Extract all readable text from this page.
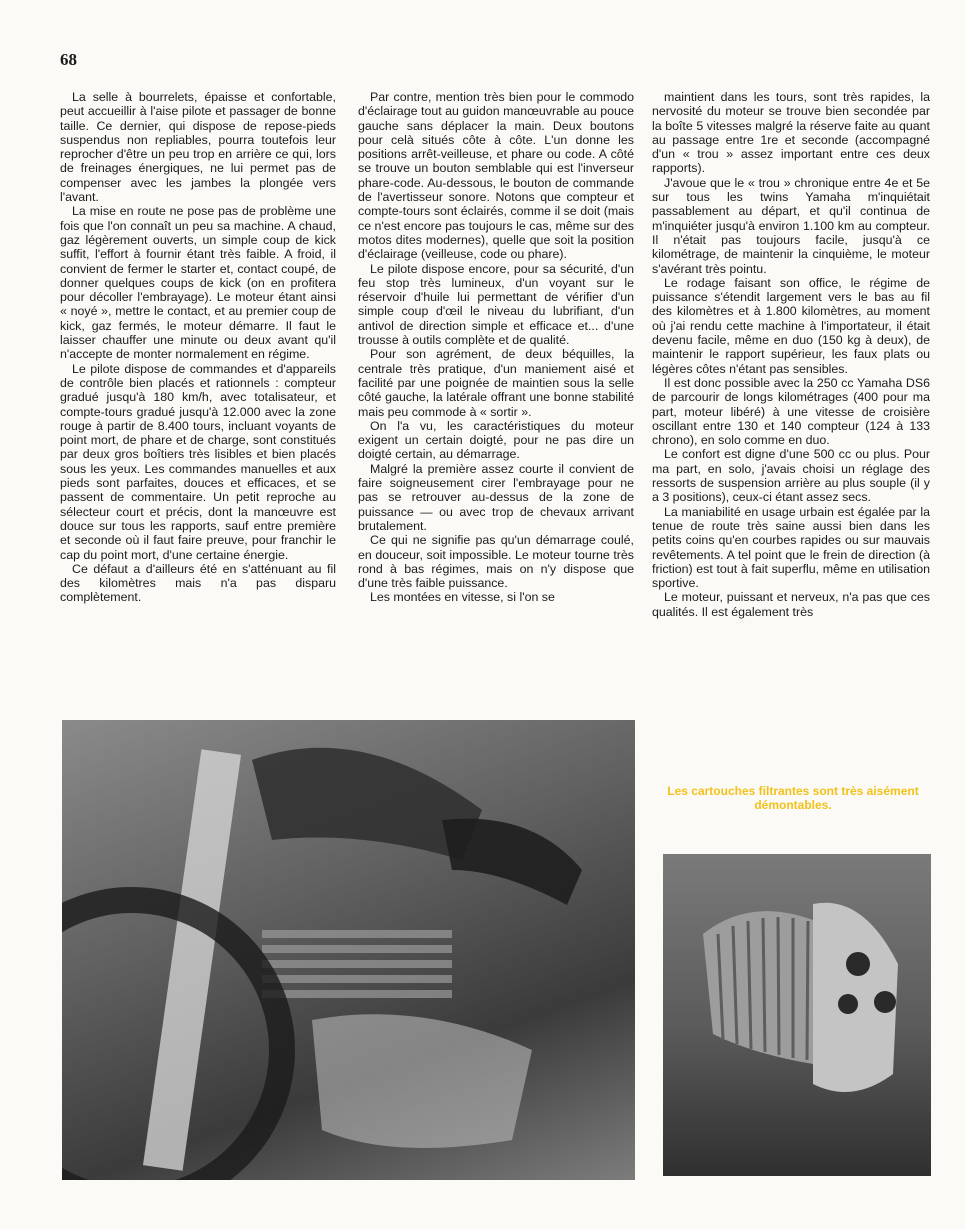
68

La selle à bourrelets, épaisse et confortable, peut accueillir à l'aise pilote et passager de bonne taille. Ce dernier, qui dispose de repose-pieds suspendus non repliables, pourra toutefois leur reprocher d'être un peu trop en arrière ce qui, lors de freinages énergiques, ne lui permet pas de compenser avec les jambes la plongée vers l'avant.

La mise en route ne pose pas de problème une fois que l'on connaît un peu sa machine. A chaud, gaz légèrement ouverts, un simple coup de kick suffit, l'effort à fournir étant très faible. A froid, il convient de fermer le starter et, contact coupé, de donner quelques coups de kick (on en profitera pour décoller l'embrayage). Le moteur étant ainsi « noyé », mettre le contact, et au premier coup de kick, gaz fermés, le moteur démarre. Il faut le laisser chauffer une minute ou deux avant qu'il n'accepte de monter normalement en régime.

Le pilote dispose de commandes et d'appareils de contrôle bien placés et rationnels : compteur gradué jusqu'à 180 km/h, avec totalisateur, et compte-tours gradué jusqu'à 12.000 avec la zone rouge à partir de 8.400 tours, incluant voyants de point mort, de phare et de charge, sont constitués par deux gros boîtiers très lisibles et bien placés sous les yeux. Les commandes manuelles et aux pieds sont parfaites, douces et efficaces, et se passent de commentaire. Un petit reproche au sélecteur court et précis, dont la manœuvre est douce sur tous les rapports, sauf entre première et seconde où il faut faire preuve, pour franchir le cap du point mort, d'une certaine énergie.

Ce défaut a d'ailleurs été en s'atténuant au fil des kilomètres mais n'a pas disparu complètement.

Par contre, mention très bien pour le commodo d'éclairage tout au guidon manœuvrable au pouce gauche sans déplacer la main. Deux boutons pour celà situés côte à côte. L'un donne les positions arrêt-veilleuse, et phare ou code. A côté se trouve un bouton semblable qui est l'inverseur phare-code. Au-dessous, le bouton de commande de l'avertisseur sonore. Notons que compteur et compte-tours sont éclairés, comme il se doit (mais ce n'est encore pas toujours le cas, même sur des motos dites modernes), quelle que soit la position d'éclairage (veilleuse, code ou phare).

Le pilote dispose encore, pour sa sécurité, d'un feu stop très lumineux, d'un voyant sur le réservoir d'huile lui permettant de vérifier d'un simple coup d'œil le niveau du lubrifiant, d'un antivol de direction simple et efficace et... d'une trousse à outils complète et de qualité.

Pour son agrément, de deux béquilles, la centrale très pratique, d'un maniement aisé et facilité par une poignée de maintien sous la selle côté gauche, la latérale offrant une bonne stabilité mais peu commode à « sortir ».

On l'a vu, les caractéristiques du moteur exigent un certain doigté, pour ne pas dire un doigté certain, au démarrage.

Malgré la première assez courte il convient de faire soigneusement cirer l'embrayage pour ne pas se retrouver au-dessus de la zone de puissance — ou avec trop de chevaux arrivant brutalement.

Ce qui ne signifie pas qu'un démarrage coulé, en douceur, soit impossible. Le moteur tourne très rond à bas régimes, mais on n'y dispose que d'une très faible puissance.

Les montées en vitesse, si l'on se

maintient dans les tours, sont très rapides, la nervosité du moteur se trouve bien secondée par la boîte 5 vitesses malgré la réserve faite au quant au passage entre 1re et seconde (accompagné d'un « trou » assez important entre ces deux rapports).

J'avoue que le « trou » chronique entre 4e et 5e sur tous les twins Yamaha m'inquiétait passablement au départ, et qu'il continua de m'inquiéter jusqu'à environ 1.100 km au compteur. Il n'était pas toujours facile, jusqu'à ce kilométrage, de maintenir la cinquième, le moteur s'avérant très pointu.

Le rodage faisant son office, le régime de puissance s'étendit largement vers le bas au fil des kilomètres et à 1.800 kilomètres, au moment où j'ai rendu cette machine à l'importateur, il était devenu facile, même en duo (150 kg à deux), de maintenir le rapport supérieur, les faux plats ou légères côtes n'étant pas sensibles.

Il est donc possible avec la 250 cc Yamaha DS6 de parcourir de longs kilométrages (400 pour ma part, moteur libéré) à une vitesse de croisière oscillant entre 130 et 140 compteur (124 à 133 chrono), en solo comme en duo.

Le confort est digne d'une 500 cc ou plus. Pour ma part, en solo, j'avais choisi un réglage des ressorts de suspension arrière au plus souple (il y a 3 positions), ceux-ci étant assez secs.

La maniabilité en usage urbain est égalée par la tenue de route très saine aussi bien dans les petits coins qu'en courbes rapides ou sur mauvais revêtements. A tel point que le frein de direction (à friction) est tout à fait superflu, même en utilisation sportive.

Le moteur, puissant et nerveux, n'a pas que ces qualités. Il est également très

Les cartouches filtrantes sont très aisément démontables.
